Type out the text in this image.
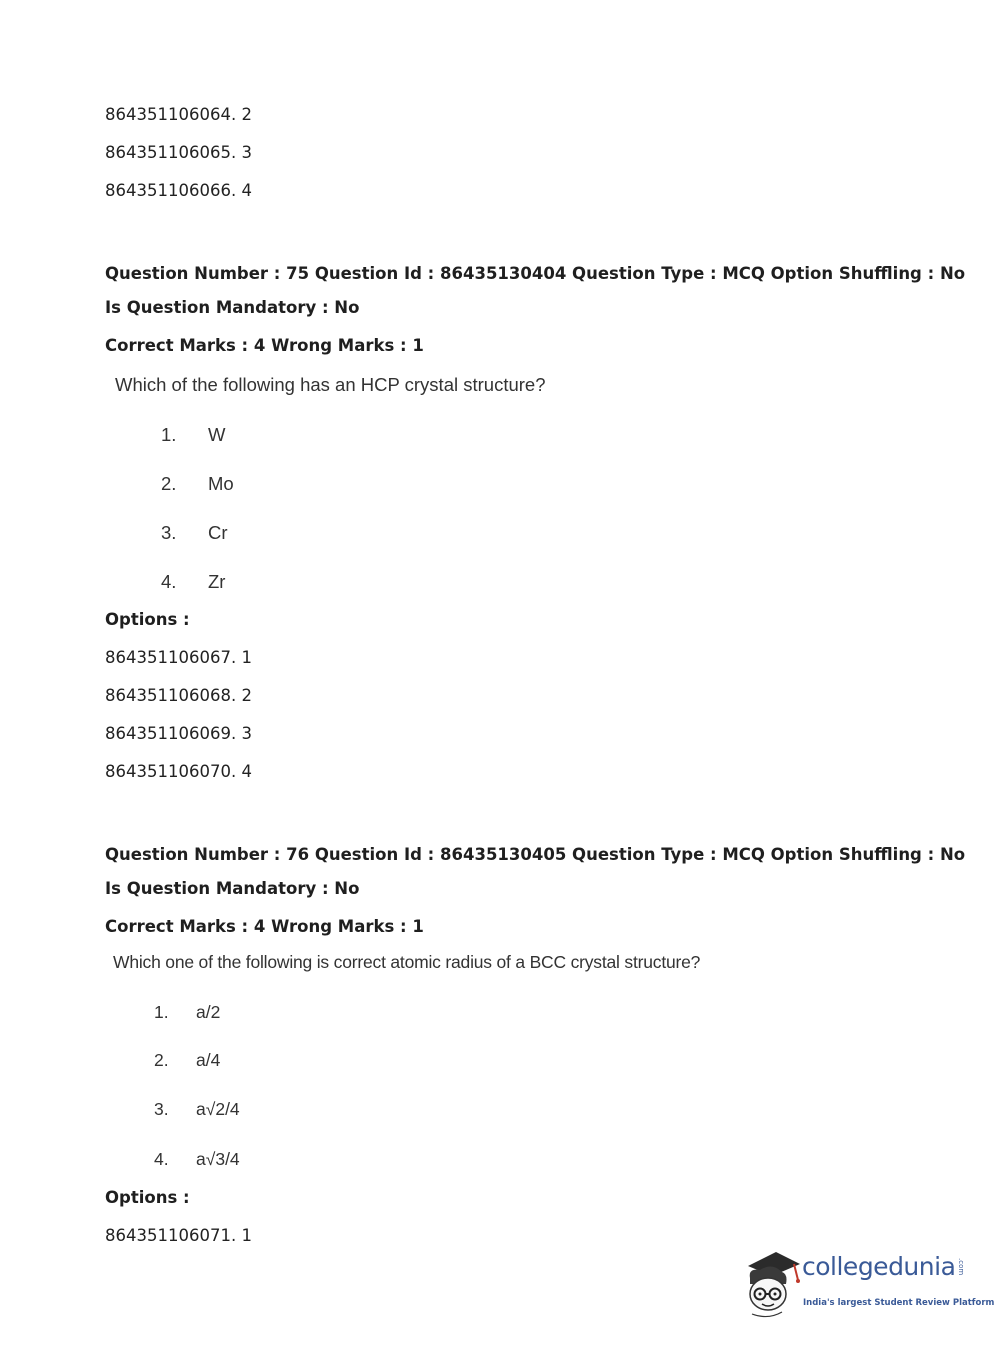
864351106064. 2
864351106065. 3
864351106066. 4
Question Number : 75 Question Id : 86435130404 Question Type : MCQ Option Shuffling : No
Is Question Mandatory : No
Correct Marks : 4 Wrong Marks : 1
Which of the following has an HCP crystal structure?
1. W
2. Mo
3. Cr
4. Zr
Options :
864351106067. 1
864351106068. 2
864351106069. 3
864351106070. 4
Question Number : 76 Question Id : 86435130405 Question Type : MCQ Option Shuffling : No
Is Question Mandatory : No
Correct Marks : 4 Wrong Marks : 1
Which one of the following is correct atomic radius of a BCC crystal structure?
1. a/2
2. a/4
3. a√2/4
4. a√3/4
Options :
864351106071. 1
collegedunia .com
India's largest Student Review Platform
